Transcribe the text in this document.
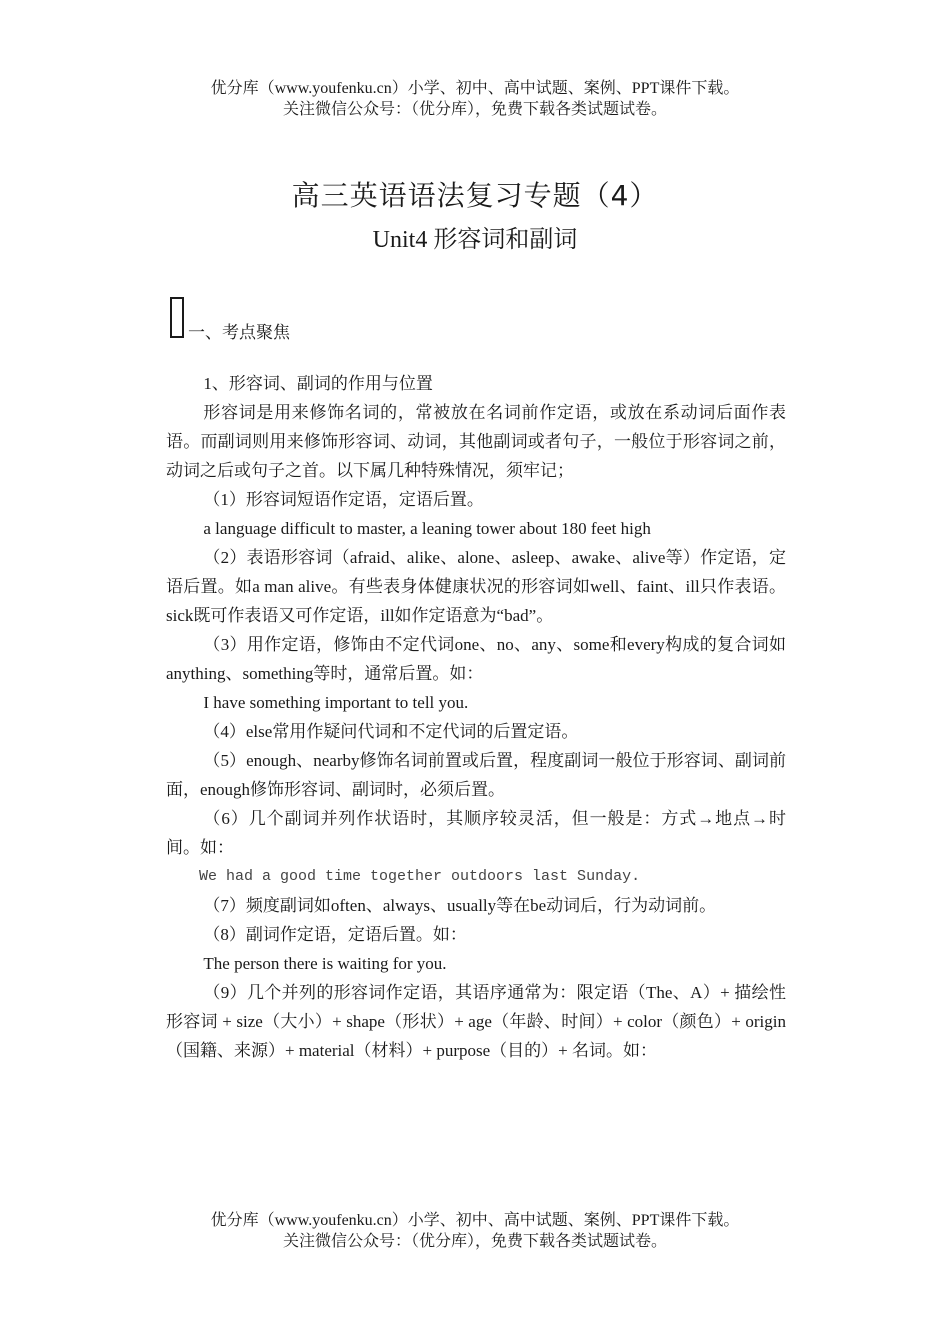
优分库（www.youfenku.cn）小学、初中、高中试题、案例、PPT课件下载。
关注微信公众号：（优分库），免费下载各类试题试卷。
高三英语语法复习专题（4）
Unit4 形容词和副词
一、考点聚焦

1、形容词、副词的作用与位置

形容词是用来修饰名词的，常被放在名词前作定语，或放在系动词后面作表语。而副词则用来修饰形容词、动词，其他副词或者句子，一般位于形容词之前，动词之后或句子之首。以下属几种特殊情况，须牢记；

（1）形容词短语作定语，定语后置。

a language difficult to master, a leaning tower about 180 feet high

（2）表语形容词（afraid、alike、alone、asleep、awake、alive等）作定语，定语后置。如a man alive。有些表身体健康状况的形容词如well、faint、ill只作表语。sick既可作表语又可作定语，ill如作定语意为“bad”。

（3）用作定语，修饰由不定代词one、no、any、some和every构成的复合词如anything、something等时，通常后置。如：

I have something important to tell you.

（4）else常用作疑问代词和不定代词的后置定语。

（5）enough、nearby修饰名词前置或后置，程度副词一般位于形容词、副词前面，enough修饰形容词、副词时，必须后置。

（6）几个副词并列作状语时，其顺序较灵活，但一般是：方式→地点→时间。如：

We had a good time together outdoors last Sunday.

（7）频度副词如often、always、usually等在be动词后，行为动词前。

（8）副词作定语，定语后置。如：

The person there is waiting for you.

（9）几个并列的形容词作定语，其语序通常为：限定语（The、A）+ 描绘性形容词 + size（大小）+ shape（形状）+ age（年龄、时间）+ color（颜色）+ origin（国籍、来源）+ material（材料）+ purpose（目的）+ 名词。如：

优分库（www.youfenku.cn）小学、初中、高中试题、案例、PPT课件下载。
关注微信公众号：（优分库），免费下载各类试题试卷。
